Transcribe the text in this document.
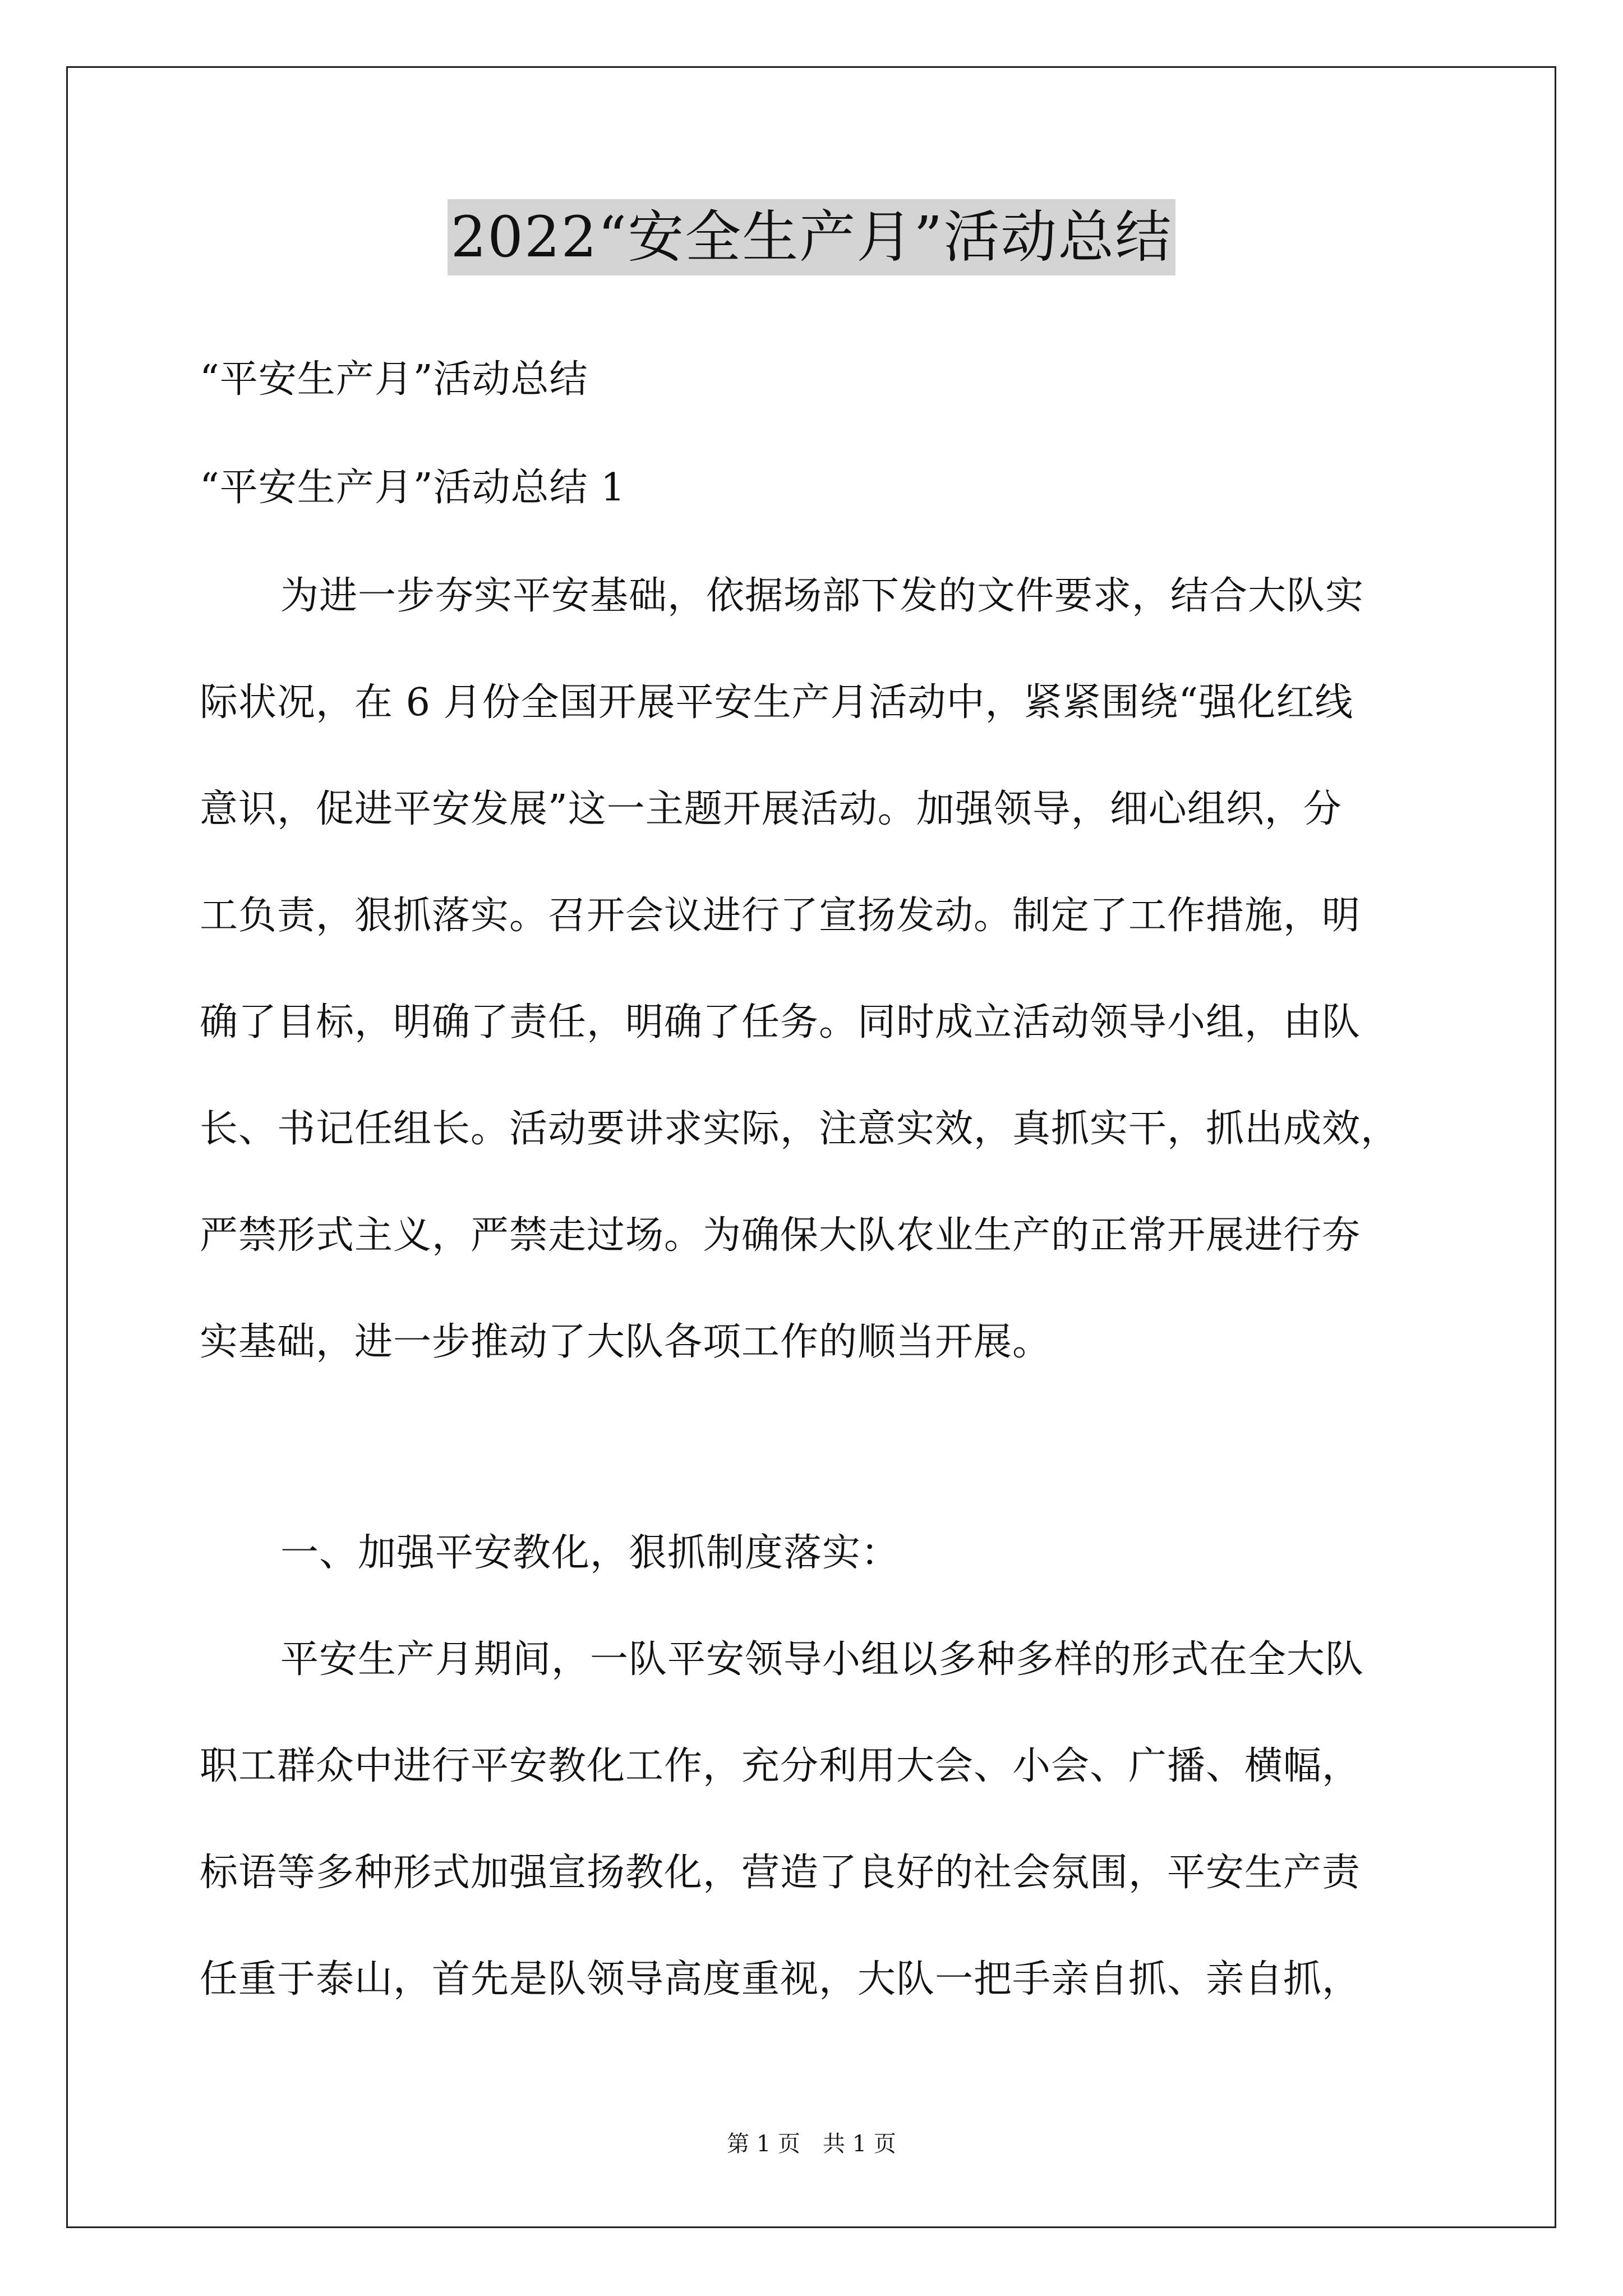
2022“安全生产月”活动总结
“平安生产月”活动总结
“平安生产月”活动总结 1
为进一步夯实平安基础，依据场部下发的文件要求，结合大队实
际状况，在 6 月份全国开展平安生产月活动中，紧紧围绕“强化红线
意识，促进平安发展”这一主题开展活动。加强领导，细心组织，分
工负责，狠抓落实。召开会议进行了宣扬发动。制定了工作措施，明
确了目标，明确了责任，明确了任务。同时成立活动领导小组，由队
长、书记任组长。活动要讲求实际，注意实效，真抓实干，抓出成效，
严禁形式主义，严禁走过场。为确保大队农业生产的正常开展进行夯
实基础，进一步推动了大队各项工作的顺当开展。
一、加强平安教化，狠抓制度落实：
平安生产月期间，一队平安领导小组以多种多样的形式在全大队
职工群众中进行平安教化工作，充分利用大会、小会、广播、横幅，
标语等多种形式加强宣扬教化，营造了良好的社会氛围，平安生产责
任重于泰山，首先是队领导高度重视，大队一把手亲自抓、亲自抓，
第 1 页　共 1 页
